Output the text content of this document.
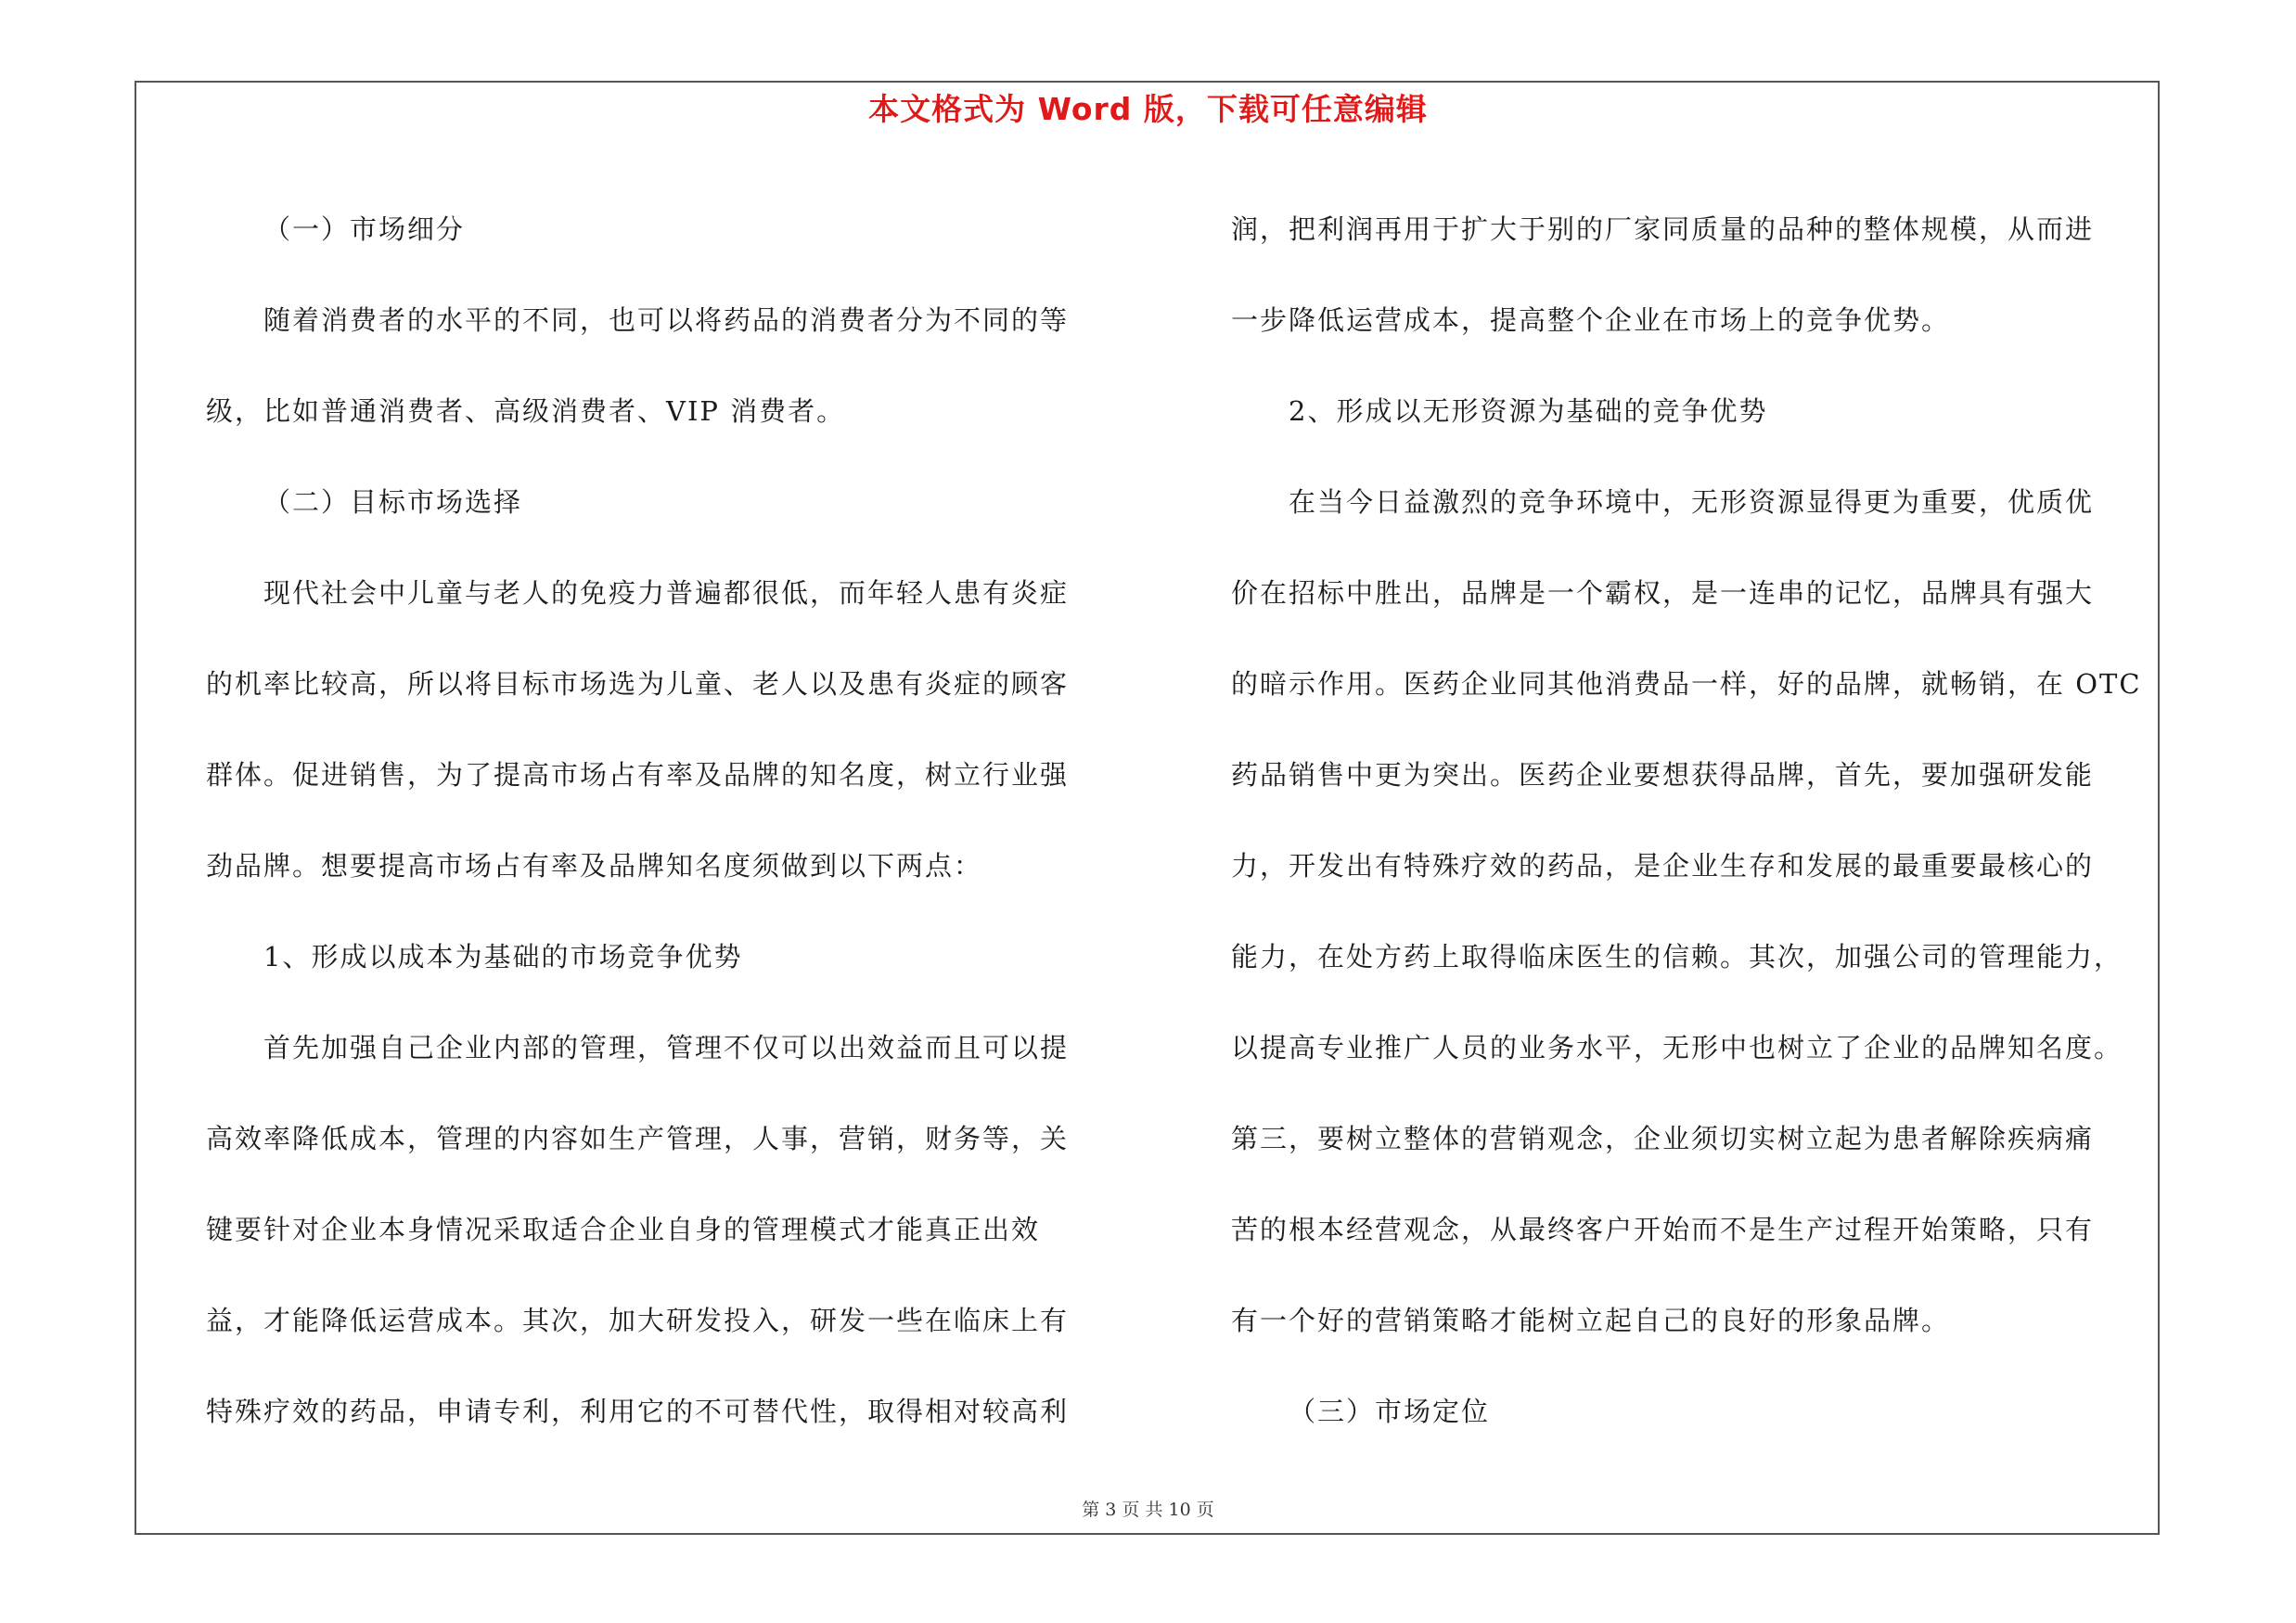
本文格式为 Word 版，下载可任意编辑

（一）市场细分

随着消费者的水平的不同，也可以将药品的消费者分为不同的等

级，比如普通消费者、高级消费者、VIP 消费者。

（二）目标市场选择

现代社会中儿童与老人的免疫力普遍都很低，而年轻人患有炎症

的机率比较高，所以将目标市场选为儿童、老人以及患有炎症的顾客

群体。促进销售，为了提高市场占有率及品牌的知名度，树立行业强

劲品牌。想要提高市场占有率及品牌知名度须做到以下两点：

1、形成以成本为基础的市场竞争优势

首先加强自己企业内部的管理，管理不仅可以出效益而且可以提

高效率降低成本，管理的内容如生产管理，人事，营销，财务等，关

键要针对企业本身情况采取适合企业自身的管理模式才能真正出效

益，才能降低运营成本。其次，加大研发投入，研发一些在临床上有

特殊疗效的药品，申请专利，利用它的不可替代性，取得相对较高利

润，把利润再用于扩大于别的厂家同质量的品种的整体规模，从而进

一步降低运营成本，提高整个企业在市场上的竞争优势。

2、形成以无形资源为基础的竞争优势

在当今日益激烈的竞争环境中，无形资源显得更为重要，优质优

价在招标中胜出，品牌是一个霸权，是一连串的记忆，品牌具有强大

的暗示作用。医药企业同其他消费品一样，好的品牌，就畅销，在 OTC

药品销售中更为突出。医药企业要想获得品牌，首先，要加强研发能

力，开发出有特殊疗效的药品，是企业生存和发展的最重要最核心的

能力，在处方药上取得临床医生的信赖。其次，加强公司的管理能力，

以提高专业推广人员的业务水平，无形中也树立了企业的品牌知名度。

第三，要树立整体的营销观念，企业须切实树立起为患者解除疾病痛

苦的根本经营观念，从最终客户开始而不是生产过程开始策略，只有

有一个好的营销策略才能树立起自己的良好的形象品牌。

（三）市场定位

第 3 页 共 10 页
